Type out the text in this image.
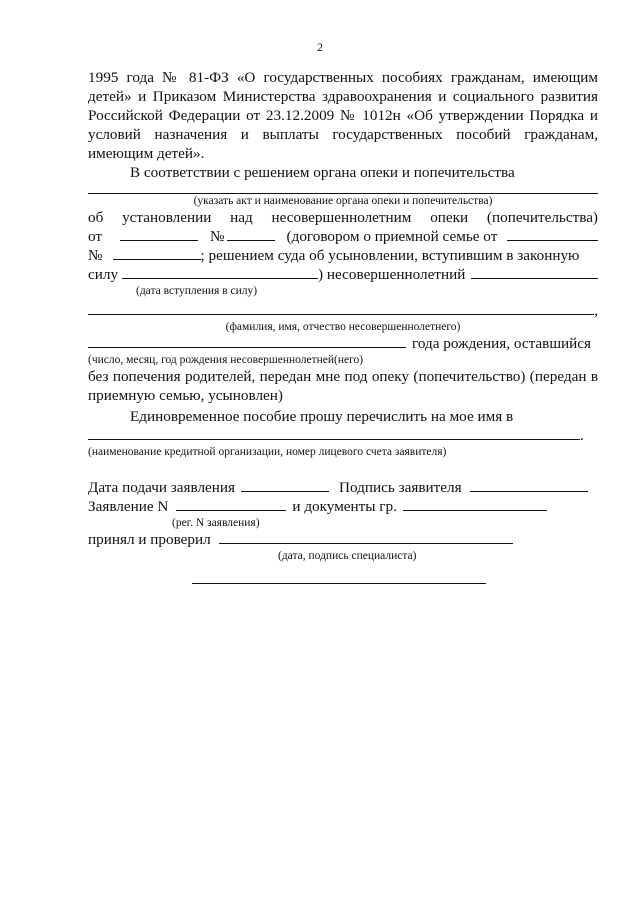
2

1995 года № 81-ФЗ «О государственных пособиях гражданам, имеющим детей» и Приказом Министерства здравоохранения и социального развития Российской Федерации от 23.12.2009 № 1012н «Об утверждении Порядка и условий назначения и выплаты государственных пособий гражданам, имеющим детей».

В соответствии с решением органа опеки и попечительства

(указать акт и наименование органа опеки и попечительства)

об установлении над несовершеннолетним опеки (попечительства)

от	№	(договором о приемной семье от
№	; решением суда об усыновлении, вступившим в законную
силу	) несовершеннолетний

(дата вступления в силу)

,

(фамилия, имя, отчество несовершеннолетнего)

года рождения, оставшийся

(число, месяц, год рождения несовершеннолетней(него)

без попечения родителей, передан мне под опеку (попечительство) (передан в приемную семью, усыновлен)

Единовременное пособие прошу перечислить на мое имя в

.

(наименование кредитной организации, номер лицевого счета заявителя)

Дата подачи заявления	Подпись заявителя
Заявление N	и документы гр.

(рег. N заявления)

принял и проверил

(дата, подпись специалиста)
